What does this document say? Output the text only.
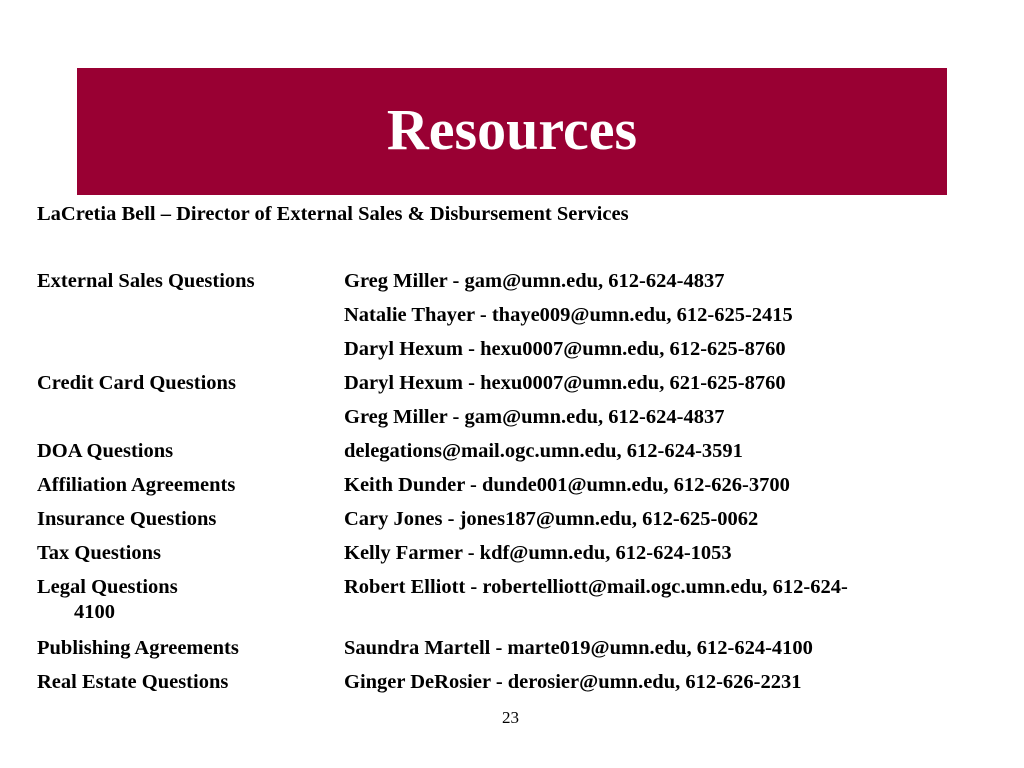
Resources
LaCretia Bell – Director of External Sales & Disbursement Services
External Sales Questions	Greg Miller - gam@umn.edu, 612-624-4837
Natalie Thayer - thaye009@umn.edu, 612-625-2415
Daryl Hexum - hexu0007@umn.edu, 612-625-8760
Credit Card Questions	Daryl Hexum - hexu0007@umn.edu, 621-625-8760
Greg Miller - gam@umn.edu, 612-624-4837
DOA Questions	delegations@mail.ogc.umn.edu, 612-624-3591
Affiliation Agreements	Keith Dunder - dunde001@umn.edu, 612-626-3700
Insurance Questions	Cary Jones - jones187@umn.edu, 612-625-0062
Tax Questions	Kelly Farmer - kdf@umn.edu, 612-624-1053
Legal Questions	Robert Elliott - robertelliott@mail.ogc.umn.edu, 612-624-
4100
Publishing Agreements	Saundra Martell - marte019@umn.edu, 612-624-4100
Real Estate Questions	Ginger DeRosier - derosier@umn.edu, 612-626-2231
23
